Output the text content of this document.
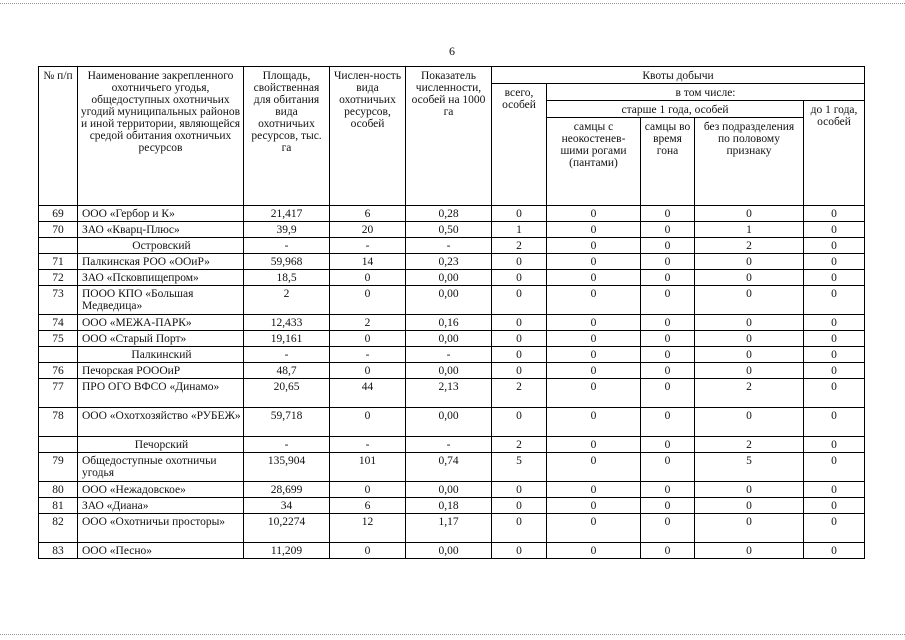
6
№ п/п	Наименование закрепленного охотничьего угодья, общедоступных охотничьих угодий муниципальных районов и иной территории, являющейся средой обитания охотничьих ресурсов	Площадь, свойственная для обитания вида охотничьих ресурсов, тыс. га	Числен-ность вида охотничьих ресурсов, особей	Показатель численности, особей на 1000 га	Квоты добычи				
					всего, особей	в том числе:			
						старше 1 года, особей			до 1 года, особей
						самцы с неокостенев-шими рогами (пантами)	самцы во время гона	без подразделения по половому признаку	
69	ООО «Гербор и К»	21,417	6	0,28	0	0	0	0	0
70	ЗАО «Кварц-Плюс»	39,9	20	0,50	1	0	0	1	0
	Островский	-	-	-	2	0	0	2	0
71	Палкинская РОО «ООиР»	59,968	14	0,23	0	0	0	0	0
72	ЗАО «Псковпищепром»	18,5	0	0,00	0	0	0	0	0
73	ПООО КПО «Большая Медведица»	2	0	0,00	0	0	0	0	0
74	ООО «МЕЖА-ПАРК»	12,433	2	0,16	0	0	0	0	0
75	ООО «Старый Порт»	19,161	0	0,00	0	0	0	0	0
	Палкинский	-	-	-	0	0	0	0	0
76	Печорская РОООиР	48,7	0	0,00	0	0	0	0	0
77	ПРО ОГО ВФСО «Динамо»	20,65	44	2,13	2	0	0	2	0
78	ООО «Охотхозяйство «РУБЕЖ»	59,718	0	0,00	0	0	0	0	0
	Печорский	-	-	-	2	0	0	2	0
79	Общедоступные охотничьи угодья	135,904	101	0,74	5	0	0	5	0
80	ООО «Нежадовское»	28,699	0	0,00	0	0	0	0	0
81	ЗАО «Диана»	34	6	0,18	0	0	0	0	0
82	ООО «Охотничьи просторы»	10,2274	12	1,17	0	0	0	0	0
83	ООО «Песно»	11,209	0	0,00	0	0	0	0	0
